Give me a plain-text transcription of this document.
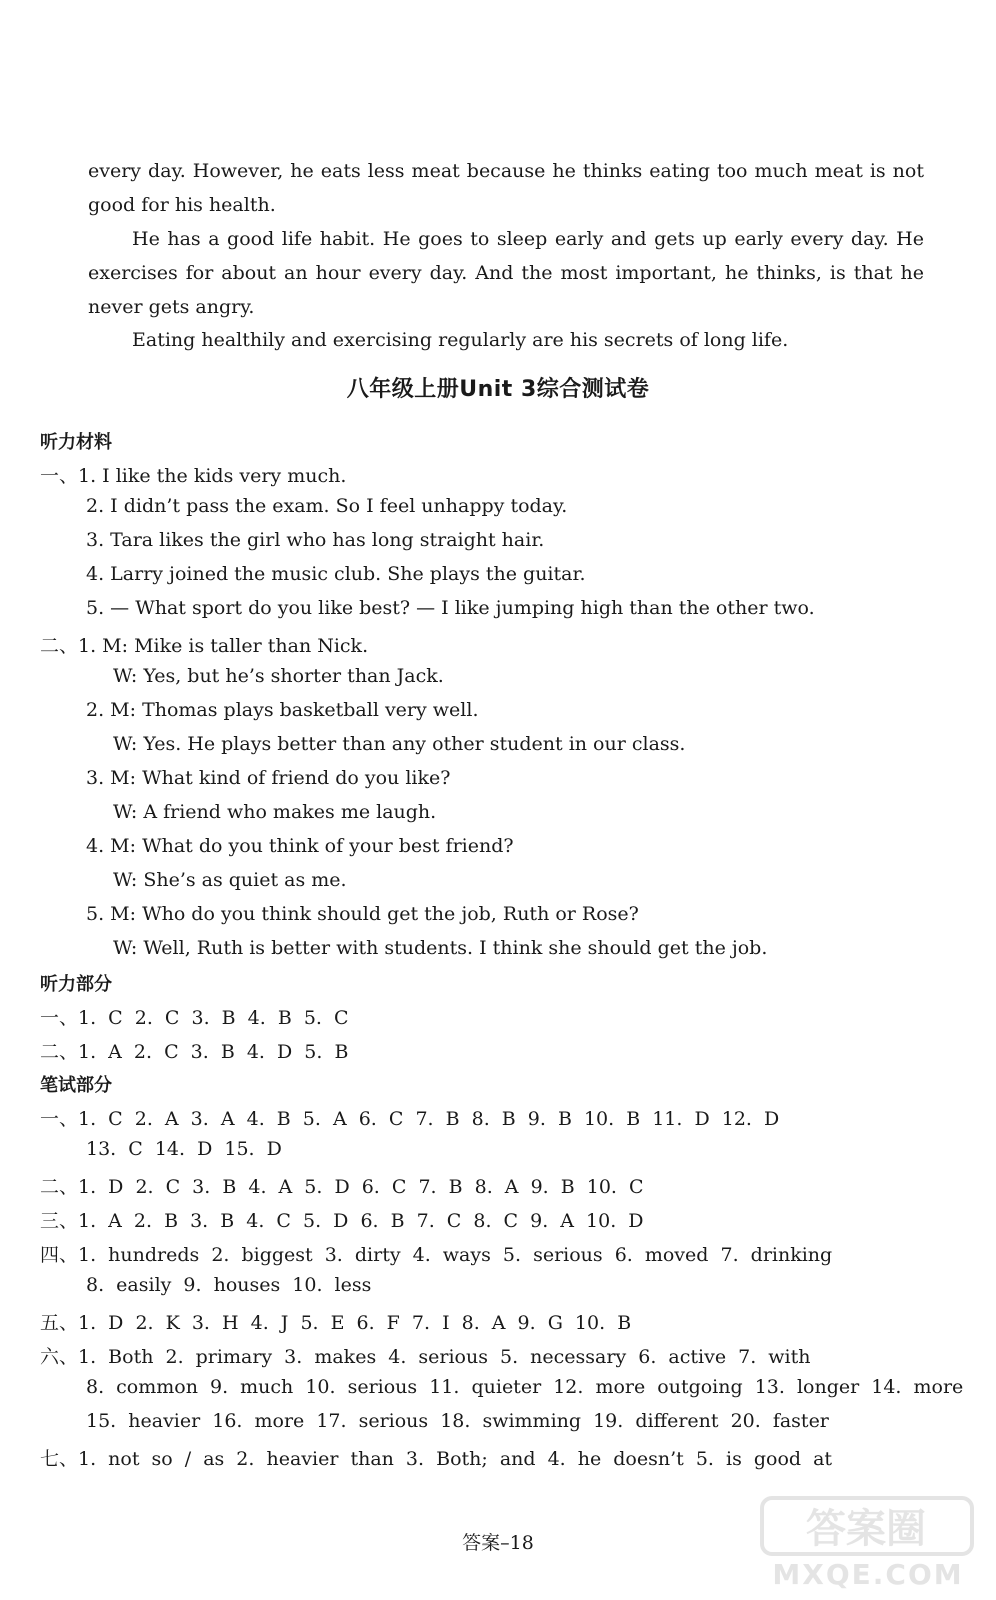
every day. However, he eats less meat because he thinks eating too much meat is not good for his health.
He has a good life habit. He goes to sleep early and gets up early every day. He exercises for about an hour every day. And the most important, he thinks, is that he never gets angry.
Eating healthily and exercising regularly are his secrets of long life.
八年级上册Unit 3综合测试卷
听力材料
一、1. I like the kids very much.
2. I didn’t pass the exam. So I feel unhappy today.
3. Tara likes the girl who has long straight hair.
4. Larry joined the music club. She plays the guitar.
5. — What sport do you like best? — I like jumping high than the other two.
二、1. M: Mike is taller than Nick.
W: Yes, but he’s shorter than Jack.
2. M: Thomas plays basketball very well.
W: Yes. He plays better than any other student in our class.
3. M: What kind of friend do you like?
W: A friend who makes me laugh.
4. M: What do you think of your best friend?
W: She’s as quiet as me.
5. M: Who do you think should get the job, Ruth or Rose?
W: Well, Ruth is better with students. I think she should get the job.
听力部分
一、1. C 2. C 3. B 4. B 5. C
二、1. A 2. C 3. B 4. D 5. B
笔试部分
一、1. C 2. A 3. A 4. B 5. A 6. C 7. B 8. B 9. B 10. B 11. D 12. D
13. C 14. D 15. D
二、1. D 2. C 3. B 4. A 5. D 6. C 7. B 8. A 9. B 10. C
三、1. A 2. B 3. B 4. C 5. D 6. B 7. C 8. C 9. A 10. D
四、1. hundreds 2. biggest 3. dirty 4. ways 5. serious 6. moved 7. drinking
8. easily 9. houses 10. less
五、1. D 2. K 3. H 4. J 5. E 6. F 7. I 8. A 9. G 10. B
六、1. Both 2. primary 3. makes 4. serious 5. necessary 6. active 7. with
8. common 9. much 10. serious 11. quieter 12. more outgoing 13. longer 14. more
15. heavier 16. more 17. serious 18. swimming 19. different 20. faster
七、1. not so / as 2. heavier than 3. Both; and 4. he doesn’t 5. is good at
答案–18	答案圈
MXQE.COM
